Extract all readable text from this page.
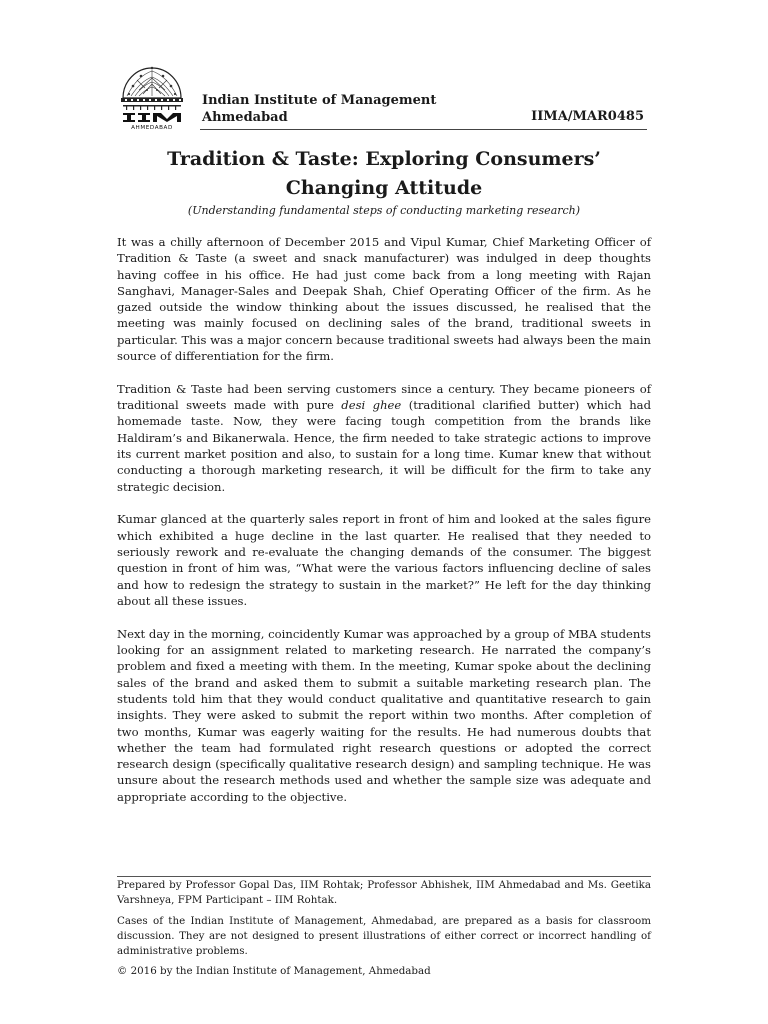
AHMEDABAD
Indian Institute of Management
Ahmedabad	IIMA/MAR0485
Tradition & Taste: Exploring Consumers’ Changing Attitude
(Understanding fundamental steps of conducting marketing research)

It was a chilly afternoon of December 2015 and Vipul Kumar, Chief Marketing Officer of Tradition & Taste (a sweet and snack manufacturer) was indulged in deep thoughts having coffee in his office. He had just come back from a long meeting with Rajan Sanghavi, Manager-Sales and Deepak Shah, Chief Operating Officer of the firm. As he gazed outside the window thinking about the issues discussed, he realised that the meeting was mainly focused on declining sales of the brand, traditional sweets in particular. This was a major concern because traditional sweets had always been the main source of differentiation for the firm.

Tradition & Taste had been serving customers since a century. They became pioneers of traditional sweets made with pure desi ghee (traditional clarified butter) which had homemade taste. Now, they were facing tough competition from the brands like Haldiram’s and Bikanerwala. Hence, the firm needed to take strategic actions to improve its current market position and also, to sustain for a long time. Kumar knew that without conducting a thorough marketing research, it will be difficult for the firm to take any strategic decision.

Kumar glanced at the quarterly sales report in front of him and looked at the sales figure which exhibited a huge decline in the last quarter. He realised that they needed to seriously rework and re-evaluate the changing demands of the consumer. The biggest question in front of him was, “What were the various factors influencing decline of sales and how to redesign the strategy to sustain in the market?” He left for the day thinking about all these issues.

Next day in the morning, coincidently Kumar was approached by a group of MBA students looking for an assignment related to marketing research. He narrated the company’s problem and fixed a meeting with them. In the meeting, Kumar spoke about the declining sales of the brand and asked them to submit a suitable marketing research plan. The students told him that they would conduct qualitative and quantitative research to gain insights. They were asked to submit the report within two months. After completion of two months, Kumar was eagerly waiting for the results. He had numerous doubts that whether the team had formulated right research questions or adopted the correct research design (specifically qualitative research design) and sampling technique. He was unsure about the research methods used and whether the sample size was adequate and appropriate according to the objective.

Prepared by Professor Gopal Das, IIM Rohtak; Professor Abhishek, IIM Ahmedabad and Ms. Geetika Varshneya, FPM Participant – IIM Rohtak.

Cases of the Indian Institute of Management, Ahmedabad, are prepared as a basis for classroom discussion. They are not designed to present illustrations of either correct or incorrect handling of administrative problems.

© 2016 by the Indian Institute of Management, Ahmedabad
